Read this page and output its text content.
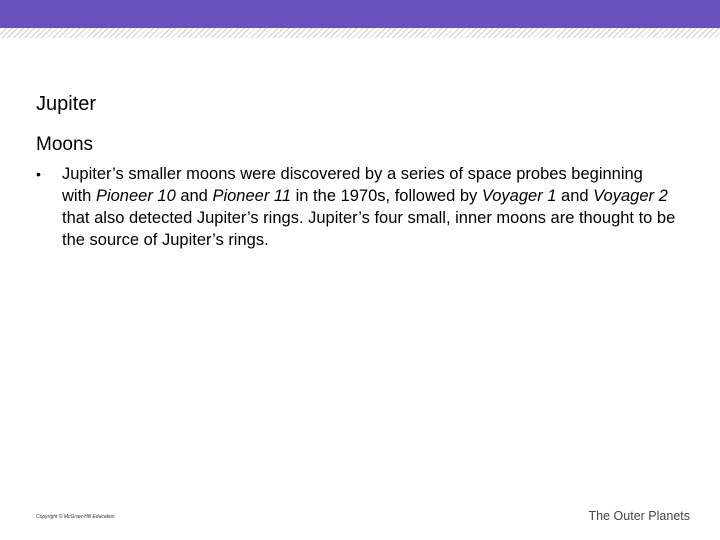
Jupiter
Moons
•	Jupiter’s smaller moons were discovered by a series of space probes beginning with Pioneer 10 and Pioneer 11 in the 1970s, followed by Voyager 1 and Voyager 2 that also detected Jupiter’s rings. Jupiter’s four small, inner moons are thought to be the source of Jupiter’s rings.
Copyright © McGraw-Hill Education	The Outer Planets
